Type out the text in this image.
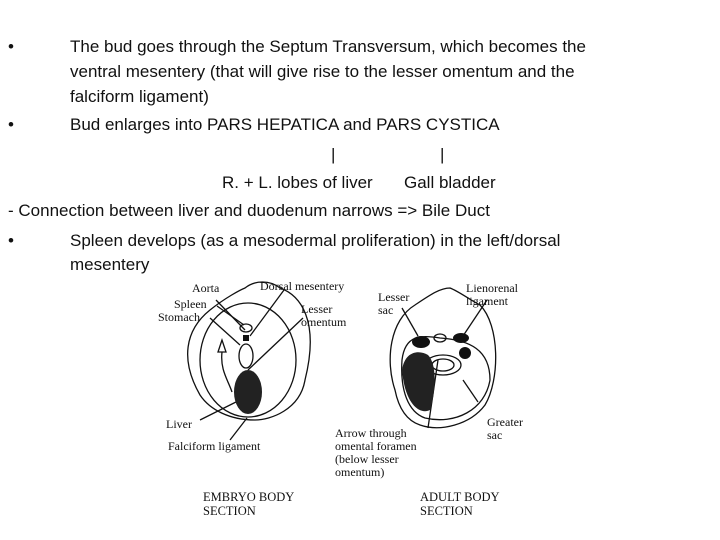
•	The bud goes through the Septum Transversum, which becomes the
ventral mesentery (that will give rise to the lesser omentum and the
falciform ligament)
•	Bud enlarges into PARS HEPATICA and PARS CYSTICA
|	|
R. + L. lobes of liver Gall bladder
- Connection between liver and duodenum narrows => Bile Duct
•	Spleen develops (as a mesodermal proliferation) in the left/dorsal
mesentery
Aorta	Dorsal mesentery
Spleen
Stomach
Lesser
omentum
Liver
Falciform ligament
EMBRYO BODY
SECTION
Lesser
sac
Lienorenal
ligament
Greater
sac
Arrow through
omental foramen
(below lesser
omentum)
ADULT BODY
SECTION
